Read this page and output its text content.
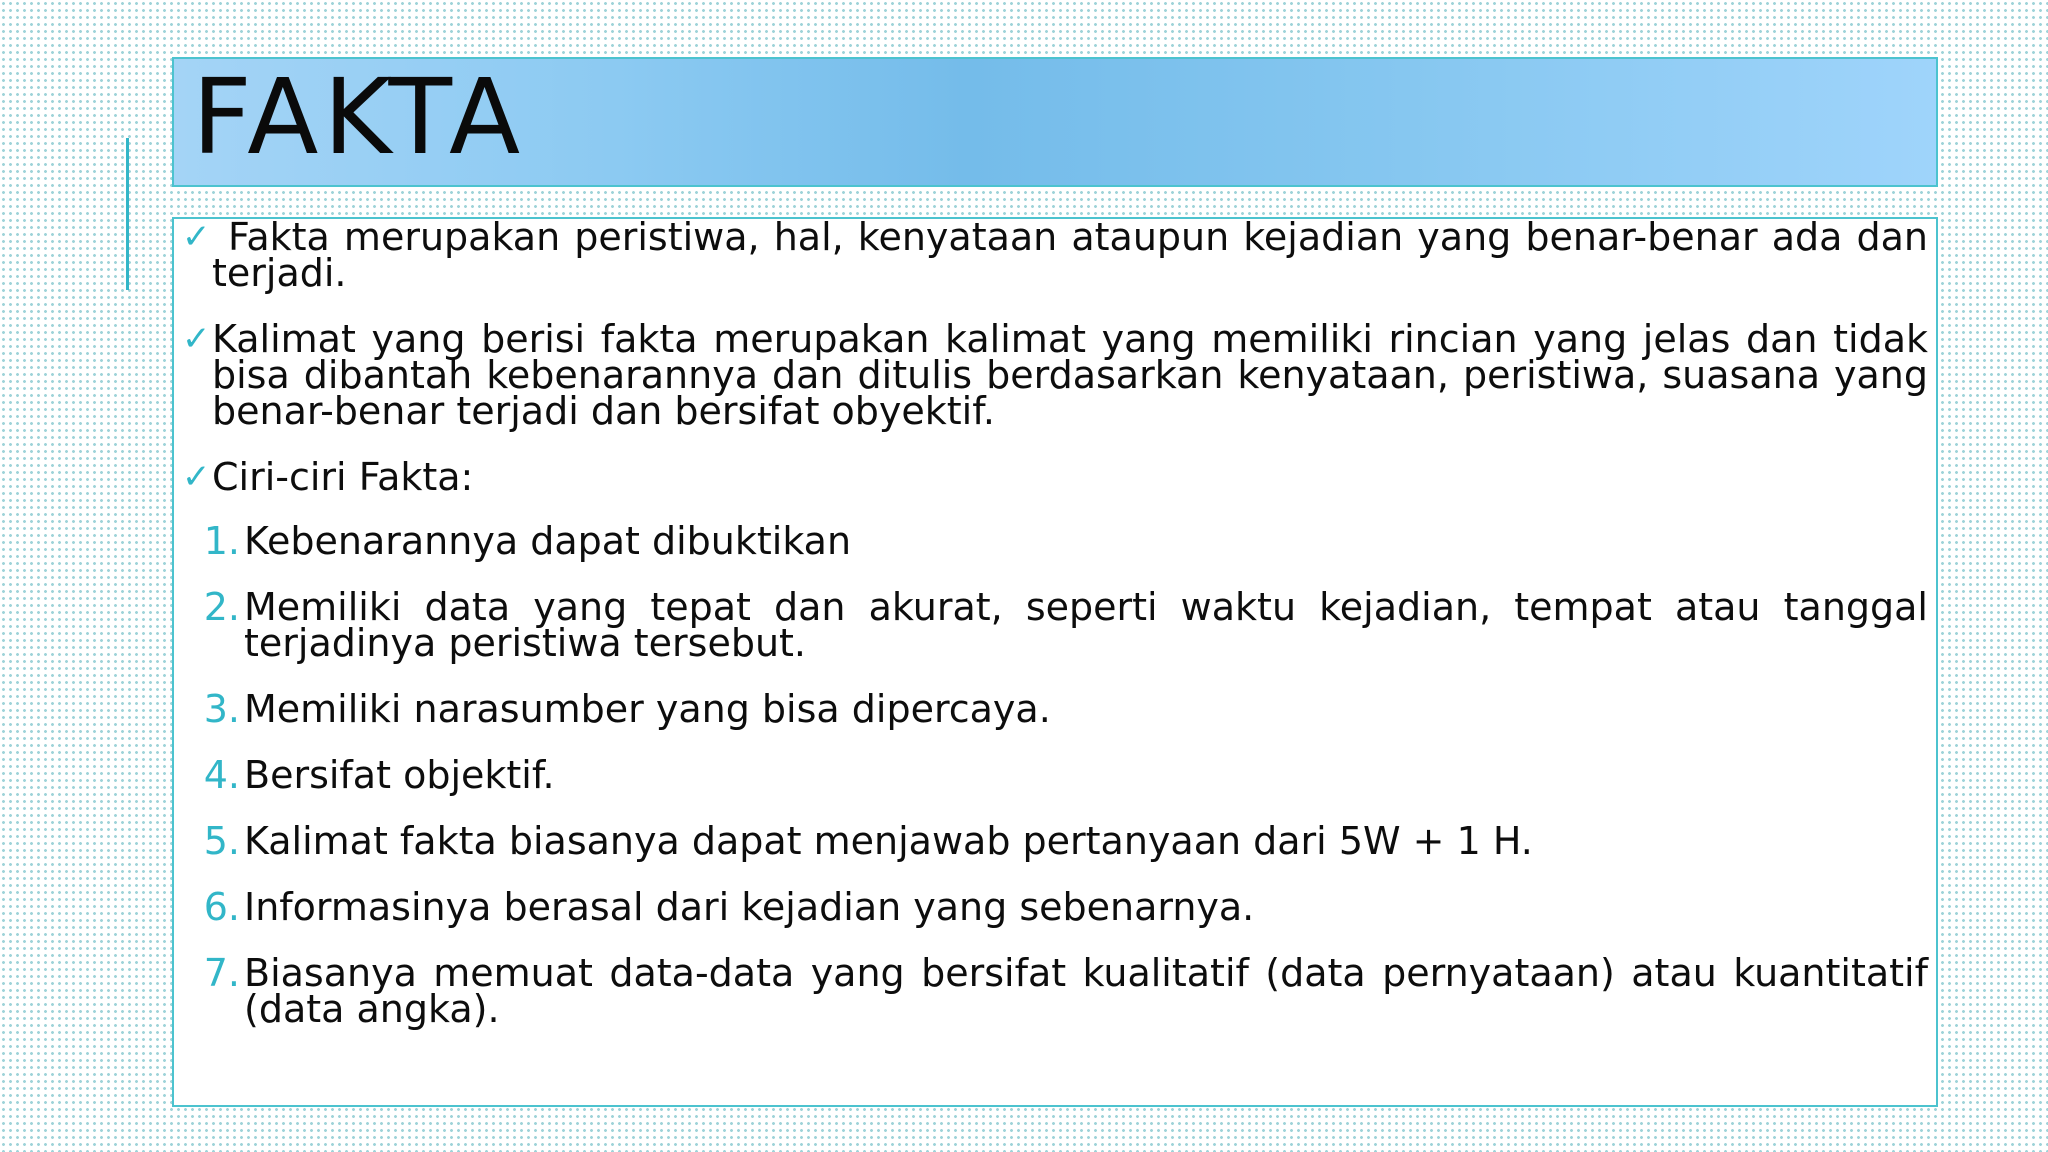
FAKTA
✓ Fakta merupakan peristiwa, hal, kenyataan ataupun kejadian yang benar-benar ada dan terjadi.
✓ Kalimat yang berisi fakta merupakan kalimat yang memiliki rincian yang jelas dan tidak bisa dibantah kebenarannya dan ditulis berdasarkan kenyataan, peristiwa, suasana yang benar-benar terjadi dan bersifat obyektif.
✓ Ciri-ciri Fakta:
1. Kebenarannya dapat dibuktikan
2. Memiliki data yang tepat dan akurat, seperti waktu kejadian, tempat atau tanggal terjadinya peristiwa tersebut.
3. Memiliki narasumber yang bisa dipercaya.
4. Bersifat objektif.
5. Kalimat fakta biasanya dapat menjawab pertanyaan dari 5W + 1 H.
6. Informasinya berasal dari kejadian yang sebenarnya.
7. Biasanya memuat data-data yang bersifat kualitatif (data pernyataan) atau kuantitatif (data angka).
